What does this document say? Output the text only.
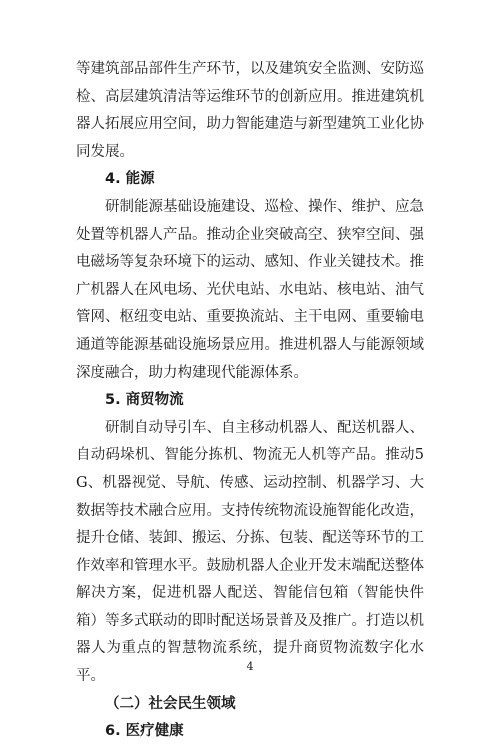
等建筑部品部件生产环节，以及建筑安全监测、安防巡检、高层建筑清洁等运维环节的创新应用。推进建筑机器人拓展应用空间，助力智能建造与新型建筑工业化协同发展。

4. 能源

研制能源基础设施建设、巡检、操作、维护、应急处置等机器人产品。推动企业突破高空、狭窄空间、强电磁场等复杂环境下的运动、感知、作业关键技术。推广机器人在风电场、光伏电站、水电站、核电站、油气管网、枢纽变电站、重要换流站、主干电网、重要输电通道等能源基础设施场景应用。推进机器人与能源领域深度融合，助力构建现代能源体系。

5. 商贸物流

研制自动导引车、自主移动机器人、配送机器人、自动码垛机、智能分拣机、物流无人机等产品。推动5G、机器视觉、导航、传感、运动控制、机器学习、大数据等技术融合应用。支持传统物流设施智能化改造，提升仓储、装卸、搬运、分拣、包装、配送等环节的工作效率和管理水平。鼓励机器人企业开发末端配送整体解决方案，促进机器人配送、智能信包箱（智能快件箱）等多式联动的即时配送场景普及及推广。打造以机器人为重点的智慧物流系统，提升商贸物流数字化水平。

（二）社会民生领域

6. 医疗健康

4
